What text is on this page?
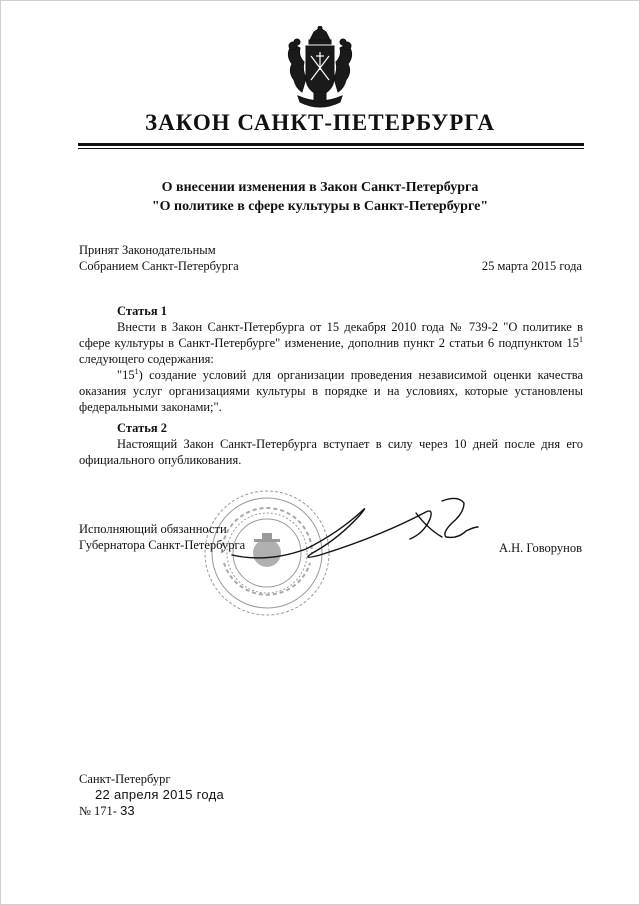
ЗАКОН САНКТ-ПЕТЕРБУРГА
О внесении изменения в Закон Санкт-Петербурга
"О политике в сфере культуры в Санкт-Петербурге"
Принят Законодательным
Собранием Санкт-Петербурга	25 марта 2015 года
Статья 1
Внести в Закон Санкт-Петербурга от 15 декабря 2010 года № 739-2 "О политике в сфере культуры в Санкт-Петербурге" изменение, дополнив пункт 2 статьи 6 подпунктом $15^1$ следующего содержания:
"$15^1$) создание условий для организации проведения независимой оценки качества оказания услуг организациями культуры в порядке и на условиях, которые установлены федеральными законами;".
Статья 2
Настоящий Закон Санкт-Петербурга вступает в силу через 10 дней после дня его официального опубликования.
Исполняющий обязанности
Губернатора Санкт-Петербурга	А.Н. Говорунов
Санкт-Петербург
22 апреля 2015 года
№ 171- 33
